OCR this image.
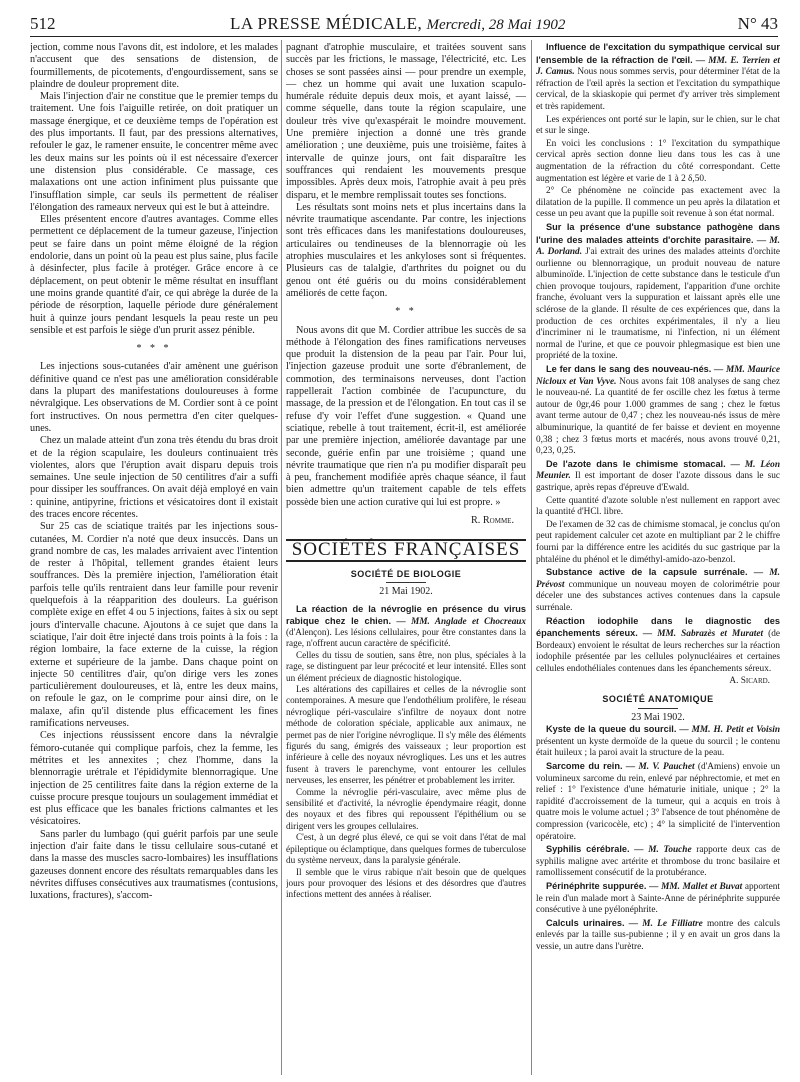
512	LA PRESSE MÉDICALE, Mercredi, 28 Mai 1902	N° 43

jection, comme nous l'avons dit, est indolore, et les malades n'accusent que des sensations de distension, de fourmillements, de picotements, d'engourdissement, sans se plaindre de douleur proprement dite.

Mais l'injection d'air ne constitue que le premier temps du traitement. Une fois l'aiguille retirée, on doit pratiquer un massage énergique, et ce deuxième temps de l'opération est des plus importants. Il faut, par des pressions alternatives, refouler le gaz, le ramener ensuite, le concentrer même avec les deux mains sur les points où il est nécessaire d'exercer une distension plus considérable. Ce massage, ces malaxations ont une action infiniment plus puissante que l'insufflation simple, car seuls ils permettent de réaliser l'élongation des rameaux nerveux qui est le but à atteindre.

Elles présentent encore d'autres avantages. Comme elles permettent ce déplacement de la tumeur gazeuse, l'injection peut se faire dans un point même éloigné de la région endolorie, dans un point où la peau est plus saine, plus facile à désinfecter, plus facile à protéger. Grâce encore à ce déplacement, on peut obtenir le même résultat en insufflant une moins grande quantité d'air, ce qui abrège la durée de la période de résorption, laquelle période dure généralement huit à quinze jours pendant lesquels la peau reste un peu sensible et est parfois le siège d'un prurit assez pénible.

* * *

Les injections sous-cutanées d'air amènent une guérison définitive quand ce n'est pas une amélioration considérable dans la plupart des manifestations douloureuses à forme névralgique. Les observations de M. Cordier sont à ce point fort instructives. On nous permettra d'en citer quelques-unes.

Chez un malade atteint d'un zona très étendu du bras droit et de la région scapulaire, les douleurs continuaient très violentes, alors que l'éruption avait disparu depuis trois semaines. Une seule injection de 50 centilitres d'air a suffi pour dissiper les souffrances. On avait déjà employé en vain : quinine, antipyrine, frictions et vésicatoires dont il existait des traces encore récentes.

Sur 25 cas de sciatique traités par les injections sous-cutanées, M. Cordier n'a noté que deux insuccès. Dans un grand nombre de cas, les malades arrivaient avec l'intention de rester à l'hôpital, tellement grandes étaient leurs souffrances. Dès la première injection, l'amélioration était parfois telle qu'ils rentraient dans leur famille pour revenir quelquefois à la réapparition des douleurs. La guérison complète exige en effet 4 ou 5 injections, faites à six ou sept jours d'intervalle chacune. Ajoutons à ce sujet que dans la sciatique, l'air doit être injecté dans trois points à la fois : la région lombaire, la face externe de la cuisse, la région externe et supérieure de la jambe. Dans chaque point on injecte 50 centilitres d'air, qu'on dirige vers les zones particulièrement douloureuses, et là, entre les deux mains, on refoule le gaz, on le comprime pour ainsi dire, on le malaxe, afin qu'il distende plus efficacement les fines ramifications nerveuses.

Ces injections réussissent encore dans la névralgie fémoro-cutanée qui complique parfois, chez la femme, les métrites et les annexites ; chez l'homme, dans la blennorragie urétrale et l'épididymite blennorragique. Une injection de 25 centilitres faite dans la région externe de la cuisse procure presque toujours un soulagement immédiat et est plus efficace que les banales frictions calmantes et les vésicatoires.

Sans parler du lumbago (qui guérit parfois par une seule injection d'air faite dans le tissu cellulaire sous-cutané et dans la masse des muscles sacro-lombaires) les insufflations gazeuses donnent encore des résultats remarquables dans les névrites diffuses consécutives aux traumatismes (contusions, luxations, fractures), s'accom-

pagnant d'atrophie musculaire, et traitées souvent sans succès par les frictions, le massage, l'électricité, etc. Les choses se sont passées ainsi — pour prendre un exemple, — chez un homme qui avait une luxation scapulo-humérale réduite depuis deux mois, et ayant laissé, — comme séquelle, dans toute la région scapulaire, une douleur très vive qu'exaspérait le moindre mouvement. Une première injection a donné une très grande amélioration ; une deuxième, puis une troisième, faites à intervalle de quinze jours, ont fait disparaître les souffrances qui rendaient les mouvements presque impossibles. Après deux mois, l'atrophie avait à peu près disparu, et le membre remplissait toutes ses fonctions.

Les résultats sont moins nets et plus incertains dans la névrite traumatique ascendante. Par contre, les injections sont très efficaces dans les manifestations douloureuses, articulaires ou tendineuses de la blennorragie où les atrophies musculaires et les ankyloses sont si fréquentes. Plusieurs cas de talalgie, d'arthrites du poignet ou du genou ont été guéris ou du moins considérablement améliorés de cette façon.

* *

Nous avons dit que M. Cordier attribue les succès de sa méthode à l'élongation des fines ramifications nerveuses que produit la distension de la peau par l'air. Pour lui, l'injection gazeuse produit une sorte d'ébranlement, de commotion, des terminaisons nerveuses, dont l'action rappellerait l'action combinée de l'acupuncture, du massage, de la pression et de l'élongation. En tout cas il se refuse d'y voir l'effet d'une suggestion. « Quand une sciatique, rebelle à tout traitement, écrit-il, est améliorée par une première injection, améliorée davantage par une seconde, guérie enfin par une troisième ; quand une névrite traumatique que rien n'a pu modifier disparaît peu à peu, franchement modifiée après chaque séance, il faut bien admettre qu'un traitement capable de tels effets possède bien une action curative qui lui est propre. »

R. Romme.

SOCIÉTÉS FRANÇAISES

SOCIÉTÉ DE BIOLOGIE

21 Mai 1902.

La réaction de la névroglie en présence du virus rabique chez le chien. — MM. Anglade et Chocreaux (d'Alençon). Les lésions cellulaires, pour être constantes dans la rage, n'offrent aucun caractère de spécificité.

Celles du tissu de soutien, sans être, non plus, spéciales à la rage, se distinguent par leur précocité et leur intensité. Elles sont un élément précieux de diagnostic histologique.

Les altérations des capillaires et celles de la névroglie sont contemporaines. A mesure que l'endothélium prolifère, le réseau névroglique péri-vasculaire s'infiltre de noyaux dont notre méthode de coloration spéciale, applicable aux animaux, ne permet pas de nier l'origine névroglique. Il s'y mêle des éléments figurés du sang, émigrés des vaisseaux ; leur proportion est inférieure à celle des noyaux névrogliques. Les uns et les autres fusent à travers le parenchyme, vont entourer les cellules nerveuses, les enserrer, les pénétrer et probablement les irriter.

Comme la névroglie péri-vasculaire, avec même plus de sensibilité et d'activité, la névroglie épendymaire réagit, donne des noyaux et des fibres qui repoussent l'épithélium ou se dirigent vers les groupes cellulaires.

C'est, à un degré plus élevé, ce qui se voit dans l'état de mal épileptique ou éclamptique, dans quelques formes de tuberculose du système nerveux, dans la paralysie générale.

Il semble que le virus rabique n'ait besoin que de quelques jours pour provoquer des lésions et des désordres que d'autres infections mettent des années à réaliser.

Influence de l'excitation du sympathique cervical sur l'ensemble de la réfraction de l'œil. — MM. E. Terrien et J. Camus. Nous nous sommes servis, pour déterminer l'état de la réfraction de l'œil après la section et l'excitation du sympathique cervical, de la skiaskopie qui permet d'y arriver très simplement et très rapidement.

Les expériences ont porté sur le lapin, sur le chien, sur le chat et sur le singe.

En voici les conclusions : 1° l'excitation du sympathique cervical après section donne lieu dans tous les cas à une augmentation de la réfraction du côté correspondant. Cette augmentation est légère et varie de 1 à 2 δ,50.

2° Ce phénomène ne coïncide pas exactement avec la dilatation de la pupille. Il commence un peu après la dilatation et cesse un peu avant que la pupille soit revenue à son état normal.

Sur la présence d'une substance pathogène dans l'urine des malades atteints d'orchite parasitaire. — M. A. Dorland. J'ai extrait des urines des malades atteints d'orchite ourlienne ou blennorragique, un produit nouveau de nature albuminoïde. L'injection de cette substance dans le testicule d'un chien provoque toujours, rapidement, l'apparition d'une orchite franche, évoluant vers la suppuration et laissant après elle une sclérose de la glande. Il résulte de ces expériences que, dans la production de ces orchites expérimentales, il n'y a lieu d'incriminer ni le traumatisme, ni l'infection, ni un élément normal de l'urine, et que ce pouvoir phlegmasique est bien une propriété de la toxine.

Le fer dans le sang des nouveau-nés. — MM. Maurice Nicloux et Van Vyve. Nous avons fait 108 analyses de sang chez le nouveau-né. La quantité de fer oscille chez les fœtus à terme autour de 0gr,46 pour 1.000 grammes de sang ; chez le fœtus avant terme autour de 0,47 ; chez les nouveau-nés issus de mère albuminurique, la quantité de fer baisse et devient en moyenne 0,38 ; chez 3 fœtus morts et macérés, nous avons trouvé 0,21, 0,23, 0,25.

De l'azote dans le chimisme stomacal. — M. Léon Meunier. Il est important de doser l'azote dissous dans le suc gastrique, après repas d'épreuve d'Ewald.

Cette quantité d'azote soluble n'est nullement en rapport avec la quantité d'HCl. libre.

De l'examen de 32 cas de chimisme stomacal, je conclus qu'on peut rapidement calculer cet azote en multipliant par 2 le chiffre fourni par la différence entre les acidités du suc gastrique par la phtaléine du phénol et le diméthyl-amido-azo-benzol.

Substance active de la capsule surrénale. — M. Prévost communique un nouveau moyen de colorimétrie pour déceler une des substances actives contenues dans la capsule surrénale.

Réaction iodophile dans le diagnostic des épanchements séreux. — MM. Sabrazès et Muratet (de Bordeaux) envoient le résultat de leurs recherches sur la réaction iodophile présentée par les cellules polynucléaires et certaines cellules endothéliales contenues dans les épanchements séreux.

A. Sicard.

SOCIÉTÉ ANATOMIQUE

23 Mai 1902.

Kyste de la queue du sourcil. — MM. H. Petit et Voisin présentent un kyste dermoïde de la queue du sourcil ; le contenu était huileux ; la paroi avait la structure de la peau.

Sarcome du rein. — M. V. Pauchet (d'Amiens) envoie un volumineux sarcome du rein, enlevé par néphrectomie, et met en relief : 1° l'existence d'une hématurie initiale, unique ; 2° la rapidité d'accroissement de la tumeur, qui a acquis en trois à quatre mois le volume actuel ; 3° l'absence de tout phénomène de compression (varicocèle, etc) ; 4° la simplicité de l'intervention opératoire.

Syphilis cérébrale. — M. Touche rapporte deux cas de syphilis maligne avec artérite et thrombose du tronc basilaire et ramollissement consécutif de la protubérance.

Périnéphrite suppurée. — MM. Mallet et Buvat apportent le rein d'un malade mort à Sainte-Anne de périnéphrite suppurée consécutive à une pyélonéphrite.

Calculs urinaires. — M. Le Filliatre montre des calculs enlevés par la taille sus-pubienne ; il y en avait un gros dans la vessie, un autre dans l'urètre.
